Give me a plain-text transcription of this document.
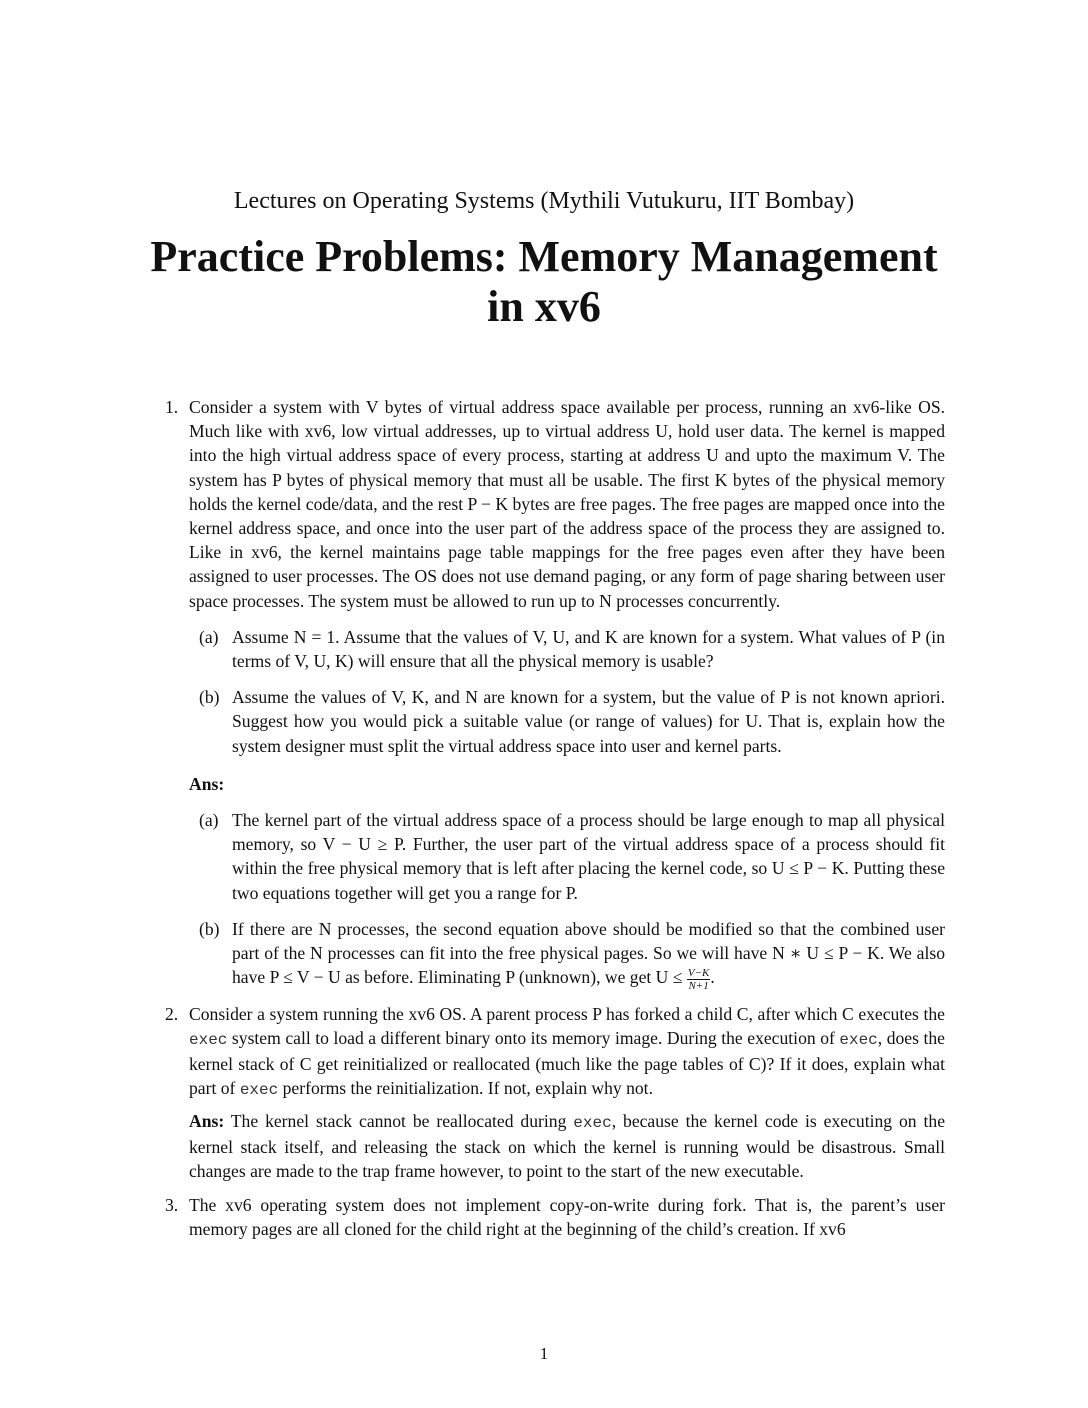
Lectures on Operating Systems (Mythili Vutukuru, IIT Bombay)
Practice Problems: Memory Management
in xv6
1. Consider a system with V bytes of virtual address space available per process, running an xv6-like OS. Much like with xv6, low virtual addresses, up to virtual address U, hold user data. The kernel is mapped into the high virtual address space of every process, starting at address U and upto the maximum V. The system has P bytes of physical memory that must all be usable. The first K bytes of the physical memory holds the kernel code/data, and the rest P − K bytes are free pages. The free pages are mapped once into the kernel address space, and once into the user part of the address space of the process they are assigned to. Like in xv6, the kernel maintains page table mappings for the free pages even after they have been assigned to user processes. The OS does not use demand paging, or any form of page sharing between user space processes. The system must be allowed to run up to N processes concurrently.
(a) Assume N = 1. Assume that the values of V, U, and K are known for a system. What values of P (in terms of V, U, K) will ensure that all the physical memory is usable?
(b) Assume the values of V, K, and N are known for a system, but the value of P is not known apriori. Suggest how you would pick a suitable value (or range of values) for U. That is, explain how the system designer must split the virtual address space into user and kernel parts.
Ans:
(a) The kernel part of the virtual address space of a process should be large enough to map all physical memory, so V − U ≥ P. Further, the user part of the virtual address space of a process should fit within the free physical memory that is left after placing the kernel code, so U ≤ P − K. Putting these two equations together will get you a range for P.
(b) If there are N processes, the second equation above should be modified so that the combined user part of the N processes can fit into the free physical pages. So we will have N ∗ U ≤ P − K. We also have P ≤ V − U as before. Eliminating P (unknown), we get $U \le \frac{V-K}{N+1}$ .
2. Consider a system running the xv6 OS. A parent process P has forked a child C, after which C executes the exec system call to load a different binary onto its memory image. During the execution of exec, does the kernel stack of C get reinitialized or reallocated (much like the page tables of C)? If it does, explain what part of exec performs the reinitialization. If not, explain why not.
Ans: The kernel stack cannot be reallocated during exec, because the kernel code is executing on the kernel stack itself, and releasing the stack on which the kernel is running would be disastrous. Small changes are made to the trap frame however, to point to the start of the new executable.
3. The xv6 operating system does not implement copy-on-write during fork. That is, the parent’s user memory pages are all cloned for the child right at the beginning of the child’s creation. If xv6
1
